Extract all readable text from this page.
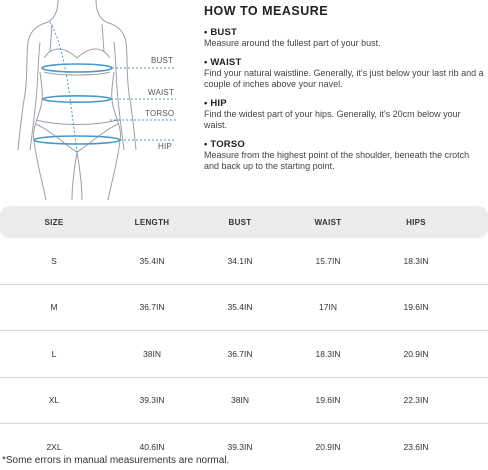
BUST
WAIST
TORSO
HIP
HOW TO MEASURE
• BUST
Measure around the fullest part of your bust.
• WAIST
Find your natural waistline. Generally, it's just below your last rib and a couple of inches above your navel.
• HIP
Find the widest part of your hips. Generally, it's 20cm below your waist.
• TORSO
Measure from the highest point of the shoulder, beneath the crotch and back up to the starting point.
SIZE	LENGTH	BUST	WAIST	HIPS
S	35.4IN	34.1IN	15.7IN	18.3IN
M	36.7IN	35.4IN	17IN	19.6IN
L	38IN	36.7IN	18.3IN	20.9IN
XL	39.3IN	38IN	19.6IN	22.3IN
2XL	40.6IN	39.3IN	20.9IN	23.6IN
*Some errors in manual measurements are normal.
